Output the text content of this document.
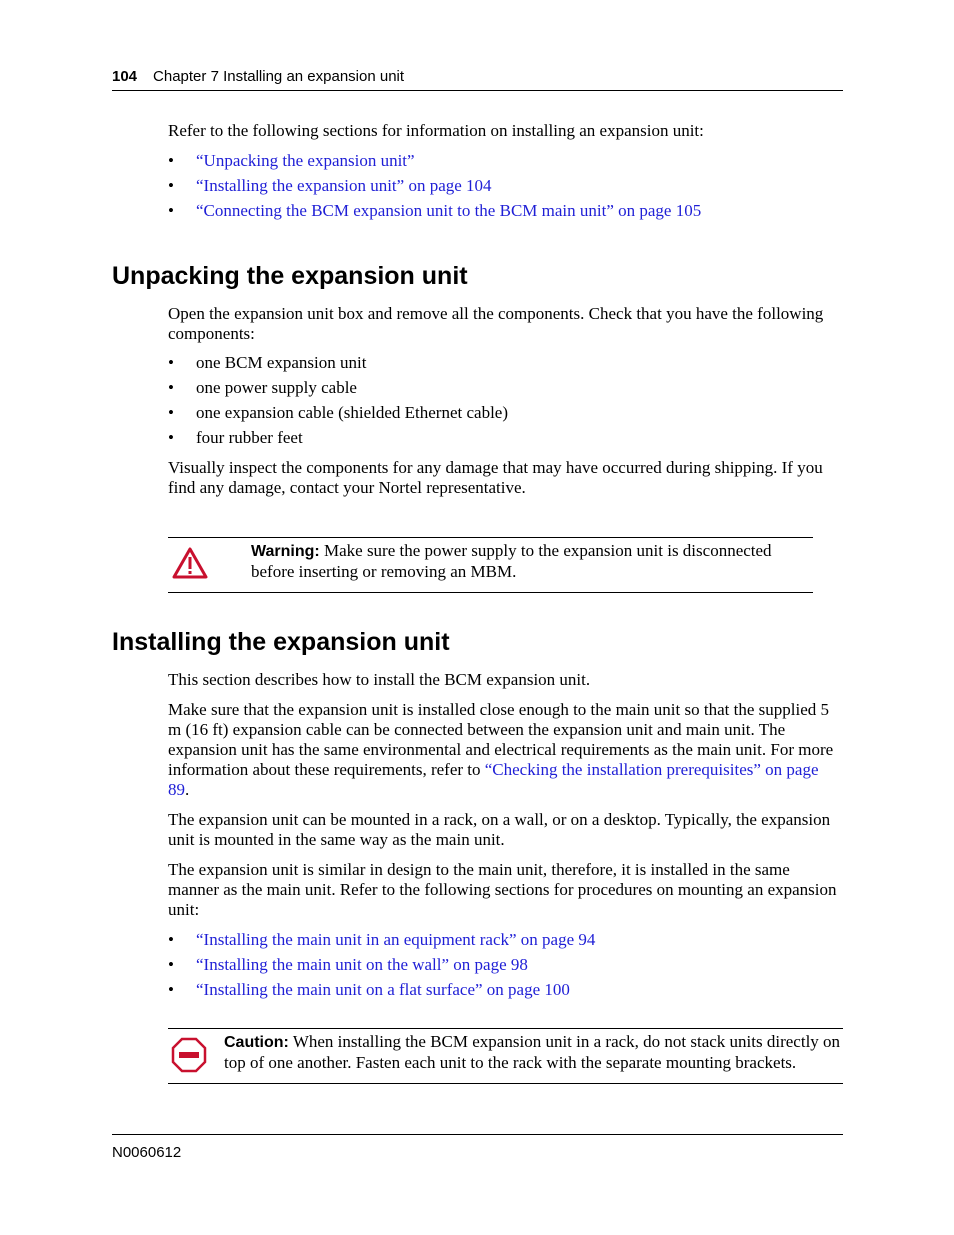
104 Chapter 7 Installing an expansion unit
Refer to the following sections for information on installing an expansion unit:
• “Unpacking the expansion unit”
• “Installing the expansion unit” on page 104
• “Connecting the BCM expansion unit to the BCM main unit” on page 105
Unpacking the expansion unit
Open the expansion unit box and remove all the components. Check that you have the following components:
• one BCM expansion unit
• one power supply cable
• one expansion cable (shielded Ethernet cable)
• four rubber feet
Visually inspect the components for any damage that may have occurred during shipping. If you find any damage, contact your Nortel representative.
Warning: Make sure the power supply to the expansion unit is disconnected before inserting or removing an MBM.
Installing the expansion unit
This section describes how to install the BCM expansion unit.
Make sure that the expansion unit is installed close enough to the main unit so that the supplied 5 m (16 ft) expansion cable can be connected between the expansion unit and main unit. The expansion unit has the same environmental and electrical requirements as the main unit. For more information about these requirements, refer to “Checking the installation prerequisites” on page 89.
The expansion unit can be mounted in a rack, on a wall, or on a desktop. Typically, the expansion unit is mounted in the same way as the main unit.
The expansion unit is similar in design to the main unit, therefore, it is installed in the same manner as the main unit. Refer to the following sections for procedures on mounting an expansion unit:
• “Installing the main unit in an equipment rack” on page 94
• “Installing the main unit on the wall” on page 98
• “Installing the main unit on a flat surface” on page 100
Caution: When installing the BCM expansion unit in a rack, do not stack units directly on top of one another. Fasten each unit to the rack with the separate mounting brackets.
N0060612
